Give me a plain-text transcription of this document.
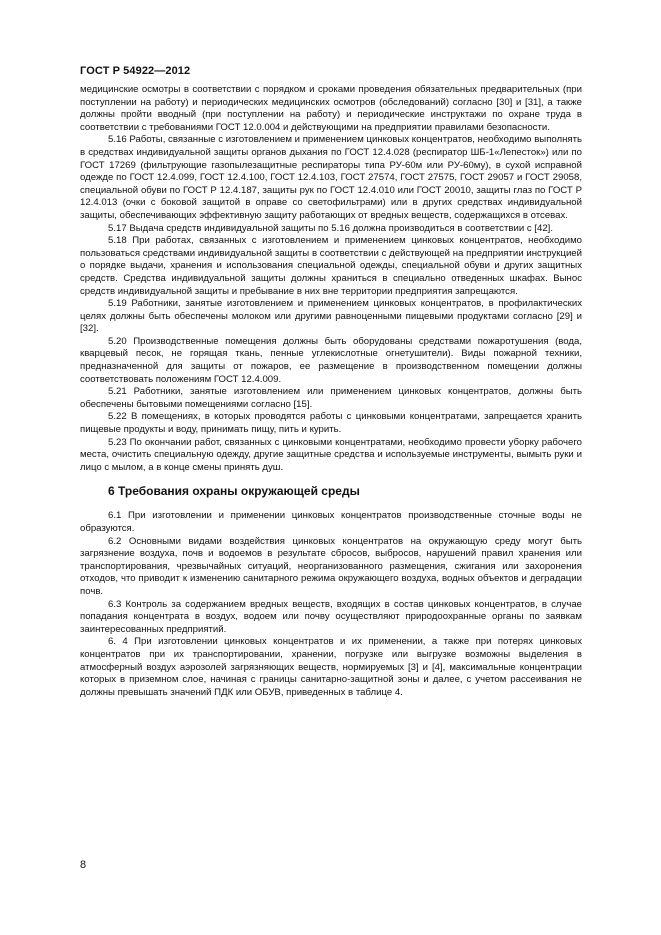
ГОСТ Р 54922—2012

медицинские осмотры в соответствии с порядком и сроками проведения обязательных предварительных (при поступлении на работу) и периодических медицинских осмотров (обследований) согласно [30] и [31], а также должны пройти вводный (при поступлении на работу) и периодические инструктажи по охране труда в соответствии с требованиями ГОСТ 12.0.004 и действующими на предприятии правилами безопасности.

5.16 Работы, связанные с изготовлением и применением цинковых концентратов, необходимо выполнять в средствах индивидуальной защиты органов дыхания по ГОСТ 12.4.028 (респиратор ШБ-1«Лепесток») или по ГОСТ 17269 (фильтрующие газопылезащитные респираторы типа РУ-60м или РУ-60му), в сухой исправной одежде по ГОСТ 12.4.099, ГОСТ 12.4.100, ГОСТ 12.4.103, ГОСТ 27574, ГОСТ 27575, ГОСТ 29057 и ГОСТ 29058, специальной обуви по ГОСТ Р 12.4.187, защиты рук по ГОСТ 12.4.010 или ГОСТ 20010, защиты глаз по ГОСТ Р 12.4.013 (очки с боковой защитой в оправе со светофильтрами) или в других средствах индивидуальной защиты, обеспечивающих эффективную защиту работающих от вредных веществ, содержащихся в отсевах.

5.17 Выдача средств индивидуальной защиты по 5.16 должна производиться в соответствии с [42].

5.18 При работах, связанных с изготовлением и применением цинковых концентратов, необходимо пользоваться средствами индивидуальной защиты в соответствии с действующей на предприятии инструкцией о порядке выдачи, хранения и использования специальной одежды, специальной обуви и других защитных средств. Средства индивидуальной защиты должны храниться в специально отведенных шкафах. Вынос средств индивидуальной защиты и пребывание в них вне территории предприятия запрещаются.

5.19 Работники, занятые изготовлением и применением цинковых концентратов, в профилактических целях должны быть обеспечены молоком или другими равноценными пищевыми продуктами согласно [29] и [32].

5.20 Производственные помещения должны быть оборудованы средствами пожаротушения (вода, кварцевый песок, не горящая ткань, пенные углекислотные огнетушители). Виды пожарной техники, предназначенной для защиты от пожаров, ее размещение в производственном помещении должны соответствовать положениям ГОСТ 12.4.009.

5.21 Работники, занятые изготовлением или применением цинковых концентратов, должны быть обеспечены бытовыми помещениями согласно [15].

5.22 В помещениях, в которых проводятся работы с цинковыми концентратами, запрещается хранить пищевые продукты и воду, принимать пищу, пить и курить.

5.23 По окончании работ, связанных с цинковыми концентратами, необходимо провести уборку рабочего места, очистить специальную одежду, другие защитные средства и используемые инструменты, вымыть руки и лицо с мылом, а в конце смены принять душ.

6 Требования охраны окружающей среды

6.1 При изготовлении и применении цинковых концентратов производственные сточные воды не образуются.

6.2 Основными видами воздействия цинковых концентратов на окружающую среду могут быть загрязнение воздуха, почв и водоемов в результате сбросов, выбросов, нарушений правил хранения или транспортирования, чрезвычайных ситуаций, неорганизованного размещения, сжигания или захоронения отходов, что приводит к изменению санитарного режима окружающего воздуха, водных объектов и деградации почв.

6.3 Контроль за содержанием вредных веществ, входящих в состав цинковых концентратов, в случае попадания концентрата в воздух, водоем или почву осуществляют природоохранные органы по заявкам заинтересованных предприятий.

6. 4 При изготовлении цинковых концентратов и их применении, а также при потерях цинковых концентратов при их транспортировании, хранении, погрузке или выгрузке возможны выделения в атмосферный воздух аэрозолей загрязняющих веществ, нормируемых [3] и [4], максимальные концентрации которых в приземном слое, начиная с границы санитарно-защитной зоны и далее, с учетом рассеивания не должны превышать значений ПДК или ОБУВ, приведенных в таблице 4.

8
